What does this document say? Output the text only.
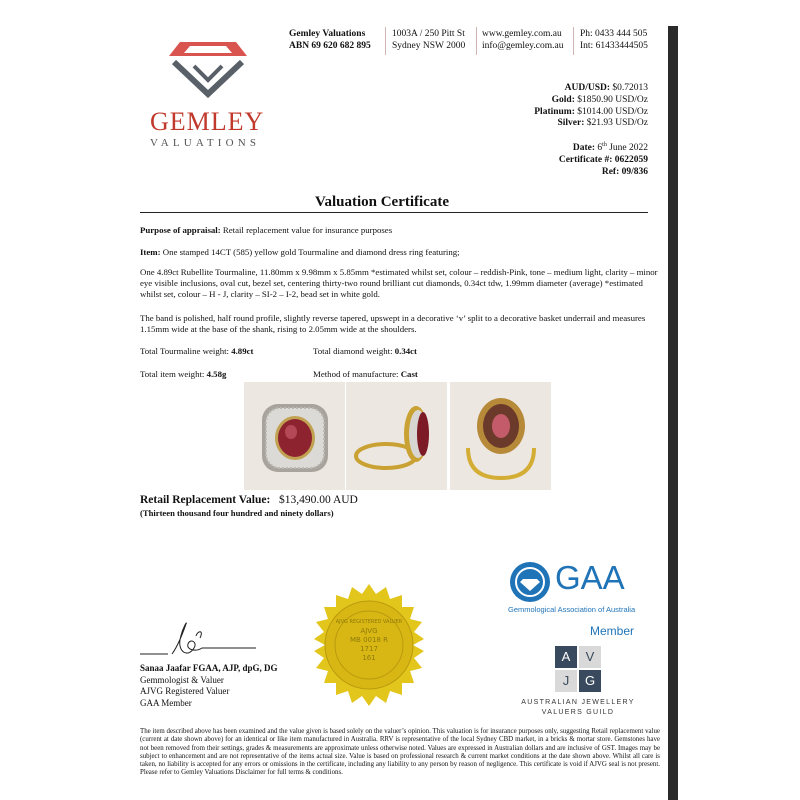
GEMLEY
VALUATIONS
Gemley Valuations
ABN 69 620 682 895
1003A / 250 Pitt St
Sydney NSW 2000
www.gemley.com.au
info@gemley.com.au
Ph: 0433 444 505
Int: 61433444505
AUD/USD: $0.72013
Gold: $1850.90 USD/Oz
Platinum: $1014.00 USD/Oz
Silver: $21.93 USD/Oz
Date: 6th June 2022
Certificate #: 0622059
Ref: 09/836
Valuation Certificate
Purpose of appraisal: Retail replacement value for insurance purposes
Item: One stamped 14CT (585) yellow gold Tourmaline and diamond dress ring featuring;
One 4.89ct Rubellite Tourmaline, 11.80mm x 9.98mm x 5.85mm *estimated whilst set, colour – reddish-Pink, tone – medium light, clarity – minor eye visible inclusions, oval cut, bezel set, centering thirty-two round brilliant cut diamonds, 0.34ct tdw, 1.99mm diameter (average) *estimated whilst set, colour – H - J, clarity – SI-2 – I-2, bead set in white gold.
The band is polished, half round profile, slightly reverse tapered, upswept in a decorative ‘v’ split to a decorative basket underrail and measures 1.15mm wide at the base of the shank, rising to 2.05mm wide at the shoulders.
Total Tourmaline weight: 4.89ct	Total diamond weight: 0.34ct
Total item weight: 4.58g	Method of manufacture: Cast
Retail Replacement Value: $13,490.00 AUD
(Thirteen thousand four hundred and ninety dollars)
AJVG REGISTERED VALUER
AJVG
MB 0018 R
1717
161
GAA
Gemmological Association of Australia
Member
A	V
J	G
AUSTRALIAN JEWELLERY
VALUERS GUILD
Sanaa Jaafar FGAA, AJP, dpG, DG
Gemmologist & Valuer
AJVG Registered Valuer
GAA Member
The item described above has been examined and the value given is based solely on the valuer’s opinion. This valuation is for insurance purposes only, suggesting Retail replacement value (current at date shown above) for an identical or like item manufactured in Australia. RRV is representative of the local Sydney CBD market, in a bricks & mortar store. Gemstones have not been removed from their settings, grades & measurements are approximate unless otherwise noted. Values are expressed in Australian dollars and are inclusive of GST. Images may be subject to enhancement and are not representative of the items actual size. Value is based on professional research & current market conditions at the date shown above. Whilst all care is taken, no liability is accepted for any errors or omissions in the certificate, including any liability to any person by reason of negligence. This certificate is void if AJVG seal is not present. Please refer to Gemley Valuations Disclaimer for full terms & conditions.
